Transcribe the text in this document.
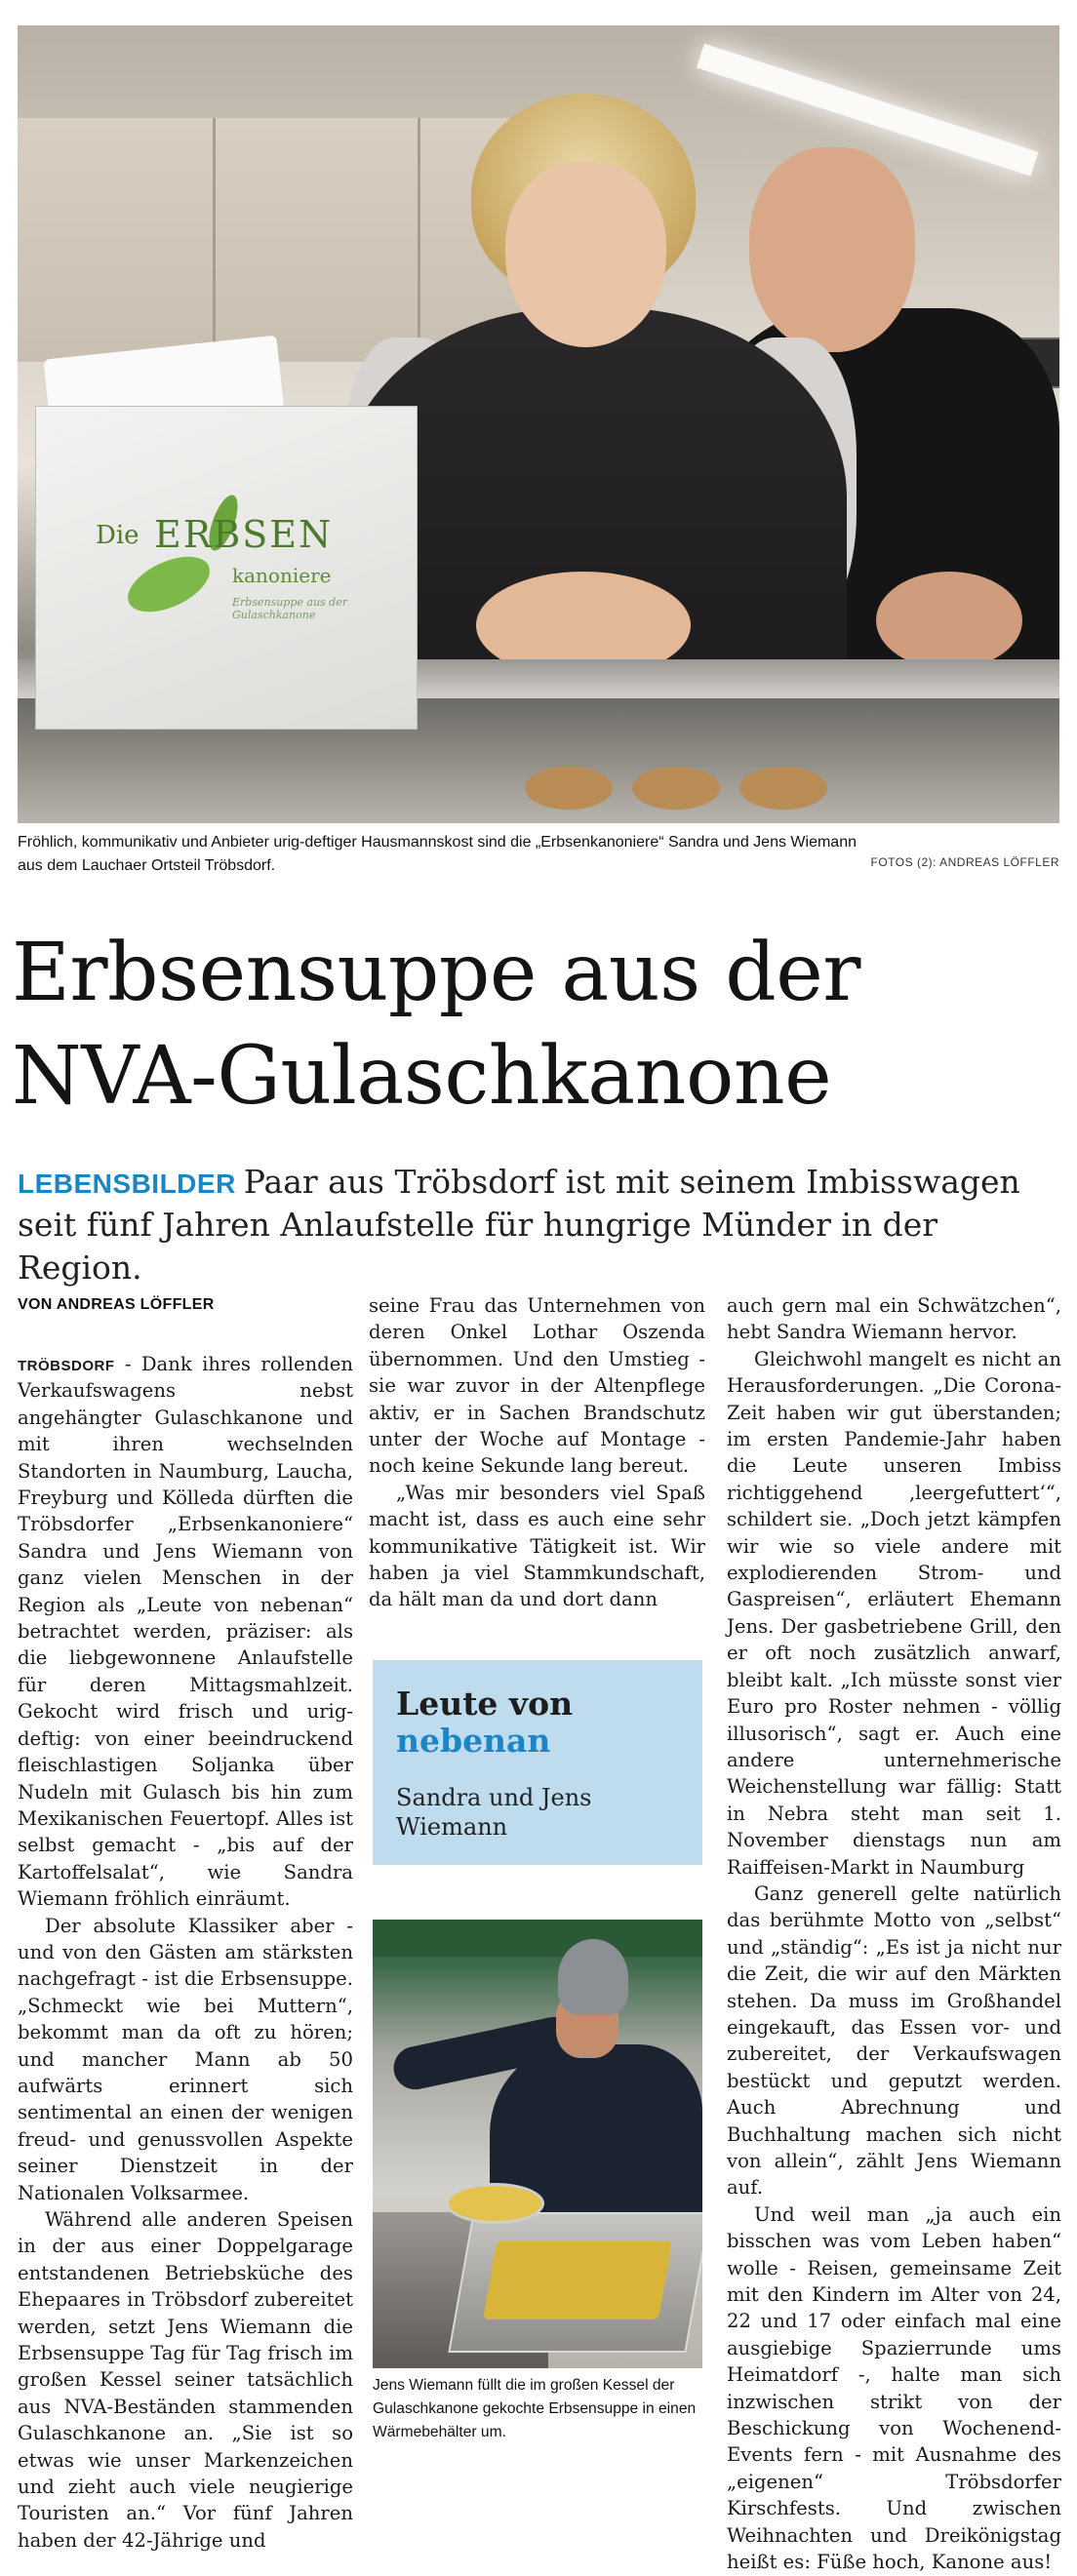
Die ERBSEN
kanoniere
Erbsensuppe aus der Gulaschkanone
Fröhlich, kommunikativ und Anbieter urig-deftiger Hausmannskost sind die „Erbsenkanoniere“ Sandra und Jens Wiemann
aus dem Lauchaer Ortsteil Tröbsdorf.	FOTOS (2): ANDREAS LÖFFLER
Erbsensuppe aus der
NVA-Gulaschkanone
LEBENSBILDER Paar aus Tröbsdorf ist mit seinem Imbisswagen seit fünf Jahren Anlaufstelle für hungrige Münder in der Region.
VON ANDREAS LÖFFLER

TRÖBSDORF - Dank ihres rollenden Verkaufswagens nebst angehängter Gulaschkanone und mit ihren wechselnden Standorten in Naumburg, Laucha, Freyburg und Kölleda dürften die Tröbsdorfer „Erbsenkanoniere“ Sandra und Jens Wiemann von ganz vielen Menschen in der Region als „Leute von nebenan“ betrachtet werden, präziser: als die liebgewonnene Anlaufstelle für deren Mittagsmahlzeit. Gekocht wird frisch und urig-deftig: von einer beeindruckend fleischlastigen Soljanka über Nudeln mit Gulasch bis hin zum Mexikanischen Feuertopf. Alles ist selbst gemacht - „bis auf der Kartoffelsalat“, wie Sandra Wiemann fröhlich einräumt.

Der absolute Klassiker aber - und von den Gästen am stärksten nachgefragt - ist die Erbsensuppe. „Schmeckt wie bei Muttern“, bekommt man da oft zu hören; und mancher Mann ab 50 aufwärts erinnert sich sentimental an einen der wenigen freud- und genussvollen Aspekte seiner Dienstzeit in der Nationalen Volksarmee.

Während alle anderen Speisen in der aus einer Doppelgarage entstandenen Betriebsküche des Ehepaares in Tröbsdorf zubereitet werden, setzt Jens Wiemann die Erbsensuppe Tag für Tag frisch im großen Kessel seiner tatsächlich aus NVA-Beständen stammenden Gulaschkanone an. „Sie ist so etwas wie unser Markenzeichen und zieht auch viele neugierige Touristen an.“ Vor fünf Jahren haben der 42-Jährige und

seine Frau das Unternehmen von deren Onkel Lothar Oszenda übernommen. Und den Umstieg - sie war zuvor in der Altenpflege aktiv, er in Sachen Brandschutz unter der Woche auf Montage - noch keine Sekunde lang bereut.

„Was mir besonders viel Spaß macht ist, dass es auch eine sehr kommunikative Tätigkeit ist. Wir haben ja viel Stammkundschaft, da hält man da und dort dann

Leute von
nebenan
Sandra und Jens Wiemann
Jens Wiemann füllt die im großen Kessel der Gulaschkanone gekochte Erbsensuppe in einen Wärmebehälter um.

auch gern mal ein Schwätzchen“, hebt Sandra Wiemann hervor.

Gleichwohl mangelt es nicht an Herausforderungen. „Die Corona-Zeit haben wir gut überstanden; im ersten Pandemie-Jahr haben die Leute unseren Imbiss richtiggehend ‚leergefuttert‘“, schildert sie. „Doch jetzt kämpfen wir wie so viele andere mit explodierenden Strom- und Gaspreisen“, erläutert Ehemann Jens. Der gasbetriebene Grill, den er oft noch zusätzlich anwarf, bleibt kalt. „Ich müsste sonst vier Euro pro Roster nehmen - völlig illusorisch“, sagt er. Auch eine andere unternehmerische Weichenstellung war fällig: Statt in Nebra steht man seit 1. November dienstags nun am Raiffeisen-Markt in Naumburg

Ganz generell gelte natürlich das berühmte Motto von „selbst“ und „ständig“: „Es ist ja nicht nur die Zeit, die wir auf den Märkten stehen. Da muss im Großhandel eingekauft, das Essen vor- und zubereitet, der Verkaufswagen bestückt und geputzt werden. Auch Abrechnung und Buchhaltung machen sich nicht von allein“, zählt Jens Wiemann auf.

Und weil man „ja auch ein bisschen was vom Leben haben“ wolle - Reisen, gemeinsame Zeit mit den Kindern im Alter von 24, 22 und 17 oder einfach mal eine ausgiebige Spazierrunde ums Heimatdorf -, halte man sich inzwischen strikt von der Beschickung von Wochenend-Events fern - mit Ausnahme des „eigenen“ Tröbsdorfer Kirschfests. Und zwischen Weihnachten und Dreikönigstag heißt es: Füße hoch, Kanone aus!
